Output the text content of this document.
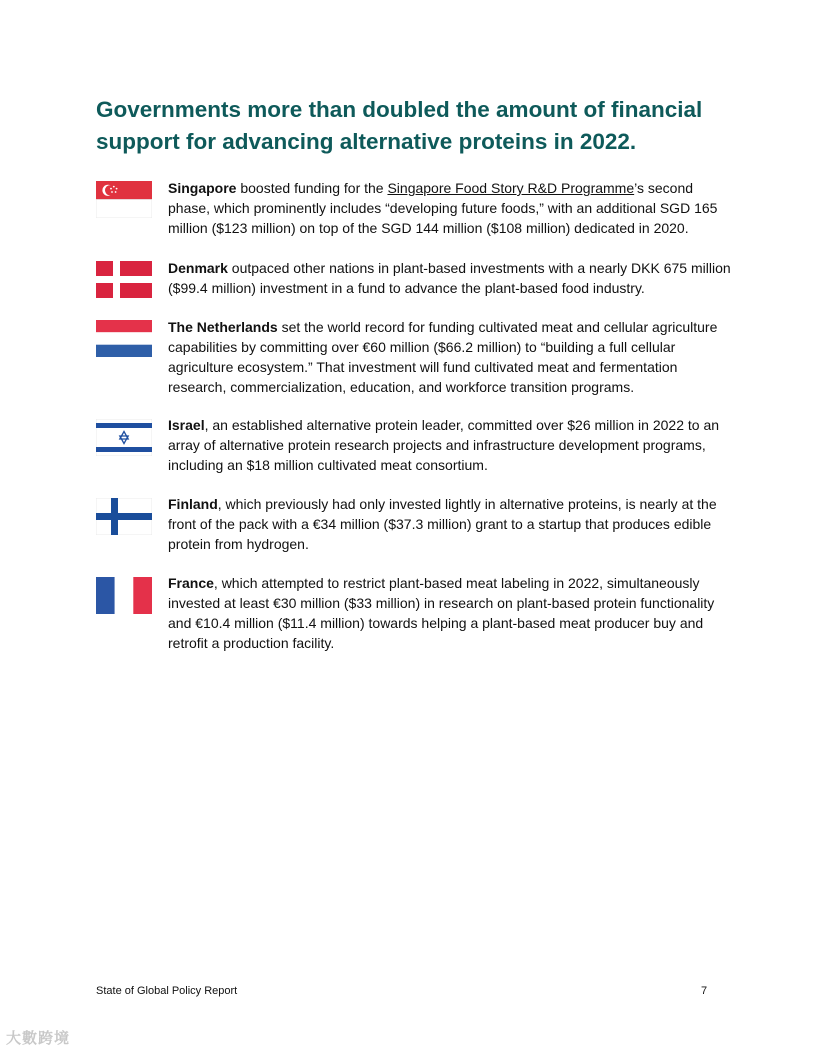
Governments more than doubled the amount of financial support for advancing alternative proteins in 2022.
Singapore boosted funding for the Singapore Food Story R&D Programme’s second phase, which prominently includes “developing future foods,” with an additional SGD 165 million ($123 million) on top of the SGD 144 million ($108 million) dedicated in 2020.
Denmark outpaced other nations in plant-based investments with a nearly DKK 675 million ($99.4 million) investment in a fund to advance the plant-based food industry.
The Netherlands set the world record for funding cultivated meat and cellular agriculture capabilities by committing over €60 million ($66.2 million) to “building a full cellular agriculture ecosystem.” That investment will fund cultivated meat and fermentation research, commercialization, education, and workforce transition programs.
Israel, an established alternative protein leader, committed over $26 million in 2022 to an array of alternative protein research projects and infrastructure development programs, including an $18 million cultivated meat consortium.
Finland, which previously had only invested lightly in alternative proteins, is nearly at the front of the pack with a €34 million ($37.3 million) grant to a startup that produces edible protein from hydrogen.
France, which attempted to restrict plant-based meat labeling in 2022, simultaneously invested at least €30 million ($33 million) in research on plant-based protein functionality and €10.4 million ($11.4 million) towards helping a plant-based meat producer buy and retrofit a production facility.
State of Global Policy Report	7
大數跨境
